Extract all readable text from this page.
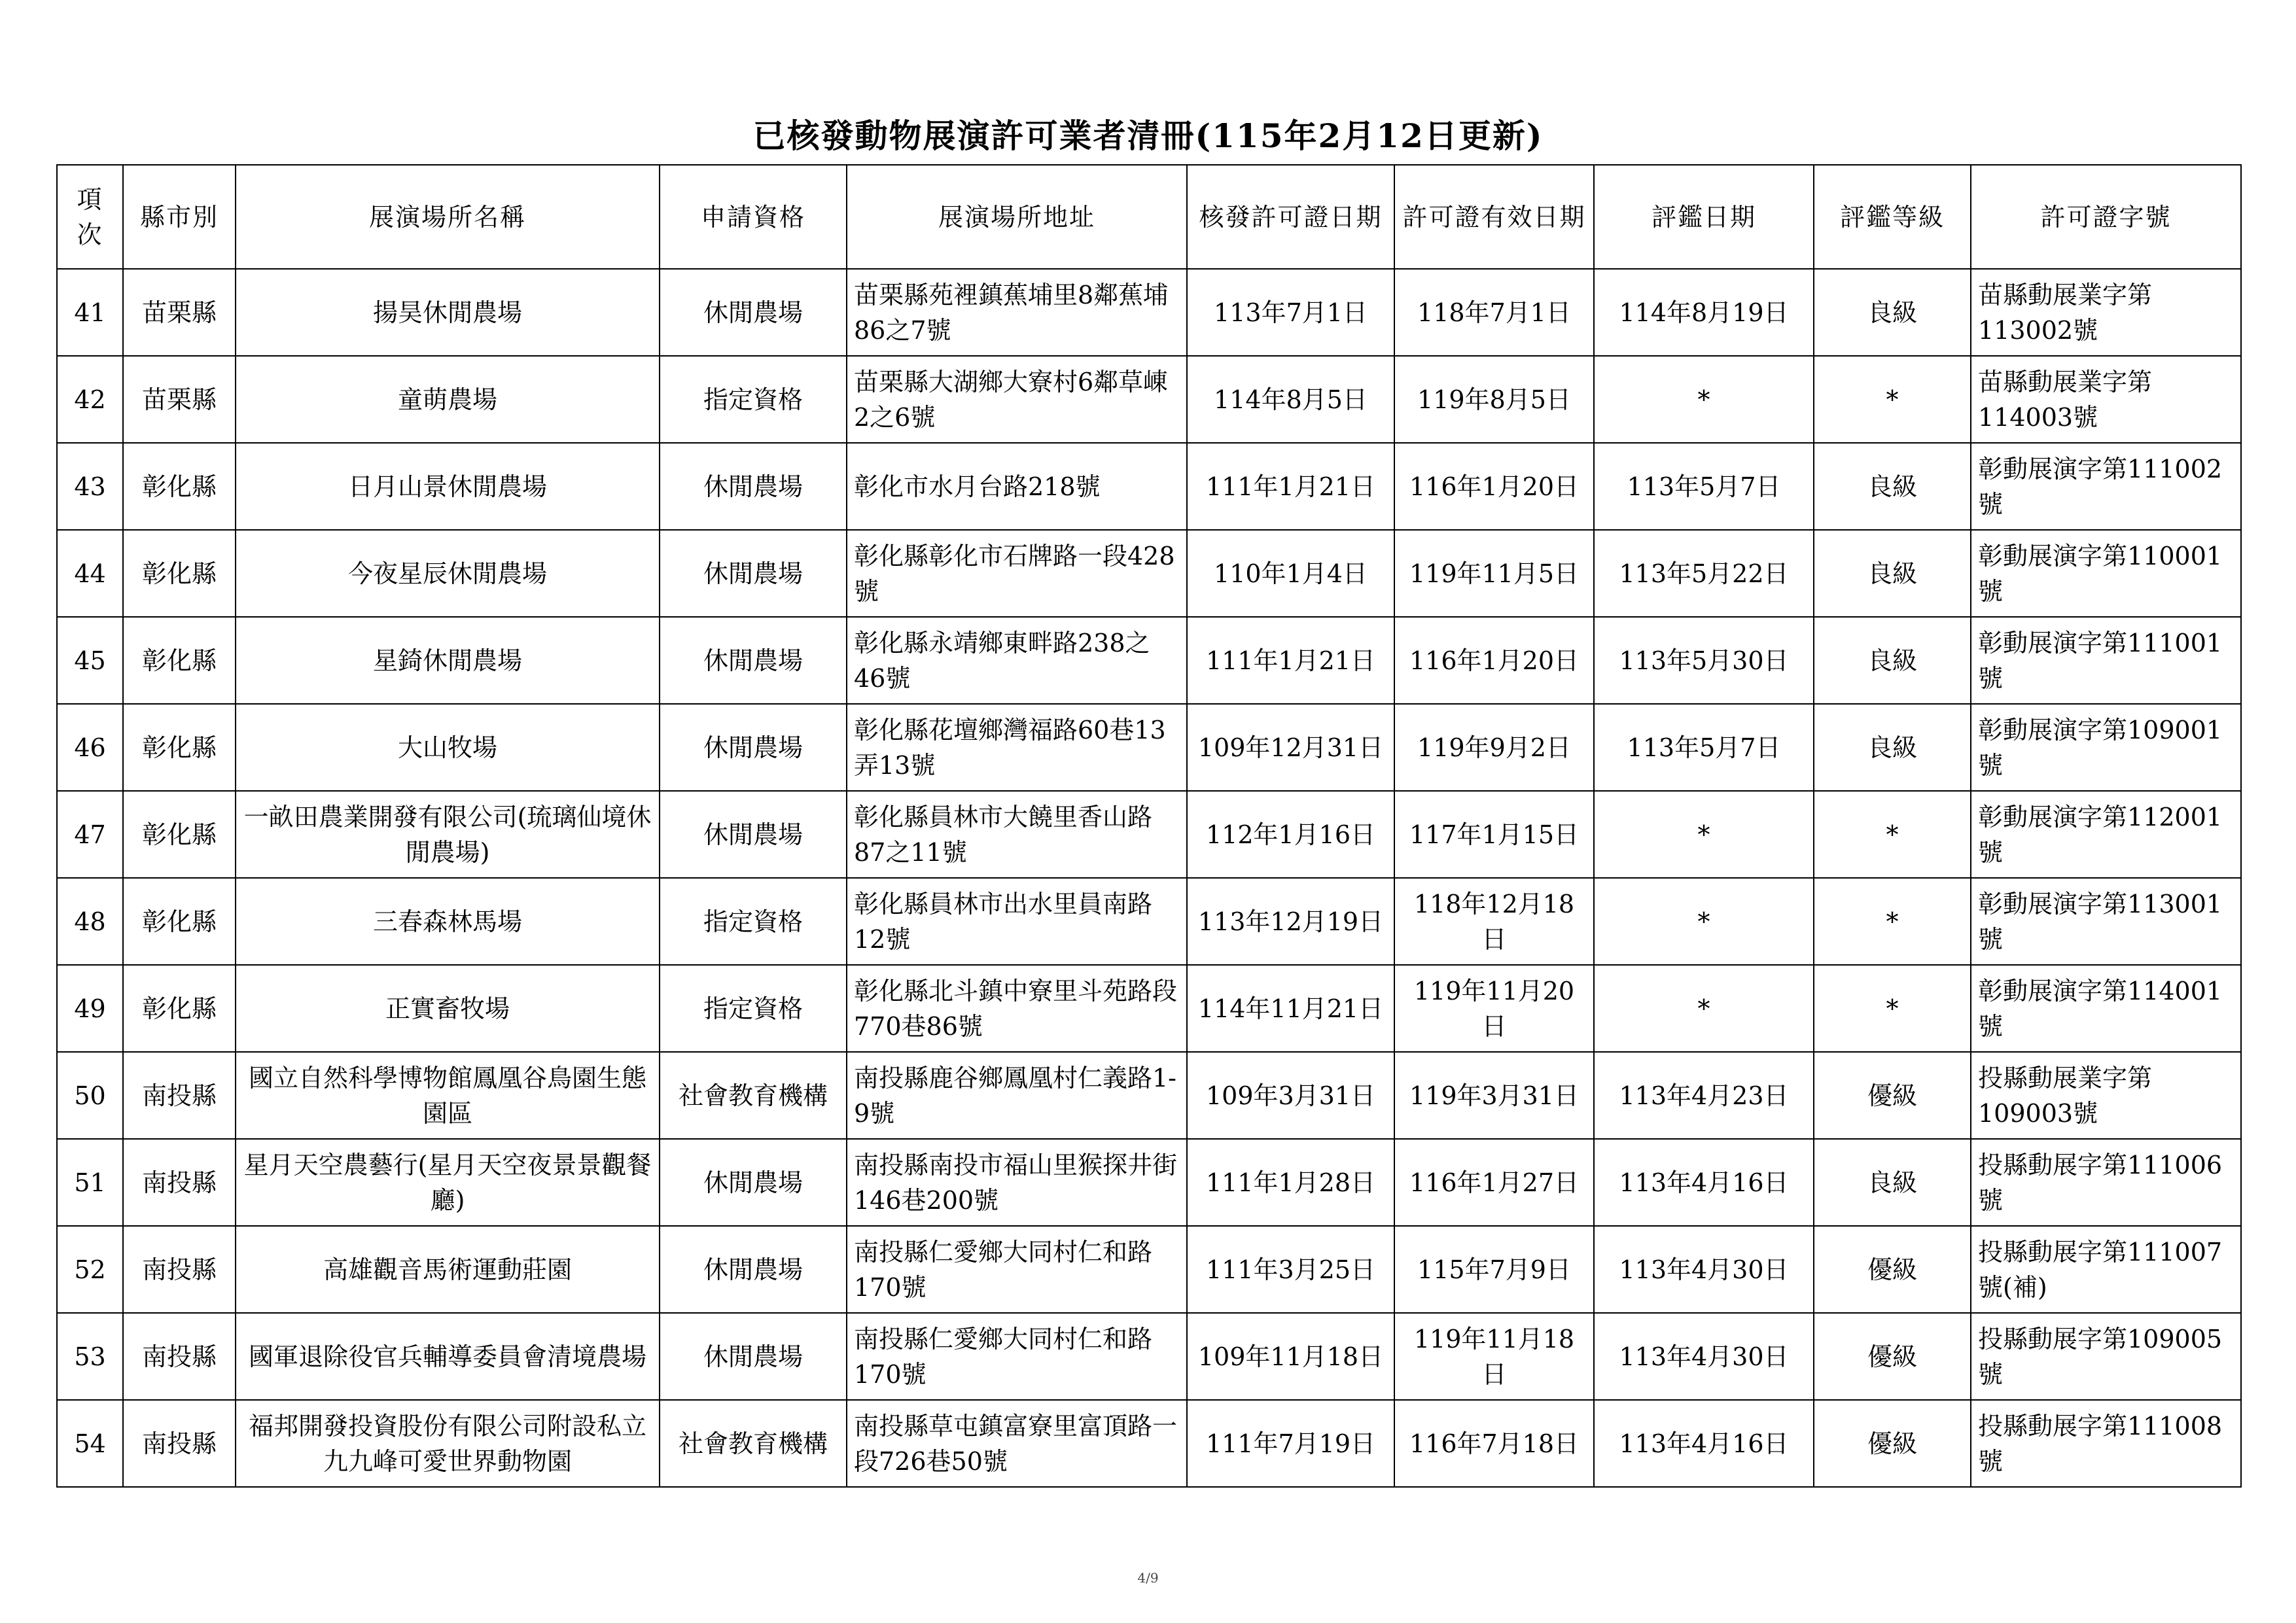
已核發動物展演許可業者清冊(115年2月12日更新)
項次	縣市別	展演場所名稱	申請資格	展演場所地址	核發許可證日期	許可證有效日期	評鑑日期	評鑑等級	許可證字號
41	苗栗縣	揚昊休閒農場	休閒農場	苗栗縣苑裡鎮蕉埔里8鄰蕉埔86之7號	113年7月1日	118年7月1日	114年8月19日	良級	苗縣動展業字第113002號
42	苗栗縣	童萌農場	指定資格	苗栗縣大湖鄉大寮村6鄰草崠2之6號	114年8月5日	119年8月5日	*	*	苗縣動展業字第114003號
43	彰化縣	日月山景休閒農場	休閒農場	彰化市水月台路218號	111年1月21日	116年1月20日	113年5月7日	良級	彰動展演字第111002號
44	彰化縣	今夜星辰休閒農場	休閒農場	彰化縣彰化市石牌路一段428號	110年1月4日	119年11月5日	113年5月22日	良級	彰動展演字第110001號
45	彰化縣	星錡休閒農場	休閒農場	彰化縣永靖鄉東畔路238之46號	111年1月21日	116年1月20日	113年5月30日	良級	彰動展演字第111001號
46	彰化縣	大山牧場	休閒農場	彰化縣花壇鄉灣福路60巷13弄13號	109年12月31日	119年9月2日	113年5月7日	良級	彰動展演字第109001號
47	彰化縣	一畝田農業開發有限公司(琉璃仙境休閒農場)	休閒農場	彰化縣員林市大饒里香山路87之11號	112年1月16日	117年1月15日	*	*	彰動展演字第112001號
48	彰化縣	三春森林馬場	指定資格	彰化縣員林市出水里員南路12號	113年12月19日	118年12月18日	*	*	彰動展演字第113001號
49	彰化縣	正實畜牧場	指定資格	彰化縣北斗鎮中寮里斗苑路段770巷86號	114年11月21日	119年11月20日	*	*	彰動展演字第114001號
50	南投縣	國立自然科學博物館鳳凰谷鳥園生態園區	社會教育機構	南投縣鹿谷鄉鳳凰村仁義路1-9號	109年3月31日	119年3月31日	113年4月23日	優級	投縣動展業字第109003號
51	南投縣	星月天空農藝行(星月天空夜景景觀餐廳)	休閒農場	南投縣南投市福山里猴探井街146巷200號	111年1月28日	116年1月27日	113年4月16日	良級	投縣動展字第111006號
52	南投縣	高雄觀音馬術運動莊園	休閒農場	南投縣仁愛鄉大同村仁和路170號	111年3月25日	115年7月9日	113年4月30日	優級	投縣動展字第111007號(補)
53	南投縣	國軍退除役官兵輔導委員會清境農場	休閒農場	南投縣仁愛鄉大同村仁和路170號	109年11月18日	119年11月18日	113年4月30日	優級	投縣動展字第109005號
54	南投縣	福邦開發投資股份有限公司附設私立九九峰可愛世界動物園	社會教育機構	南投縣草屯鎮富寮里富頂路一段726巷50號	111年7月19日	116年7月18日	113年4月16日	優級	投縣動展字第111008號
4/9
